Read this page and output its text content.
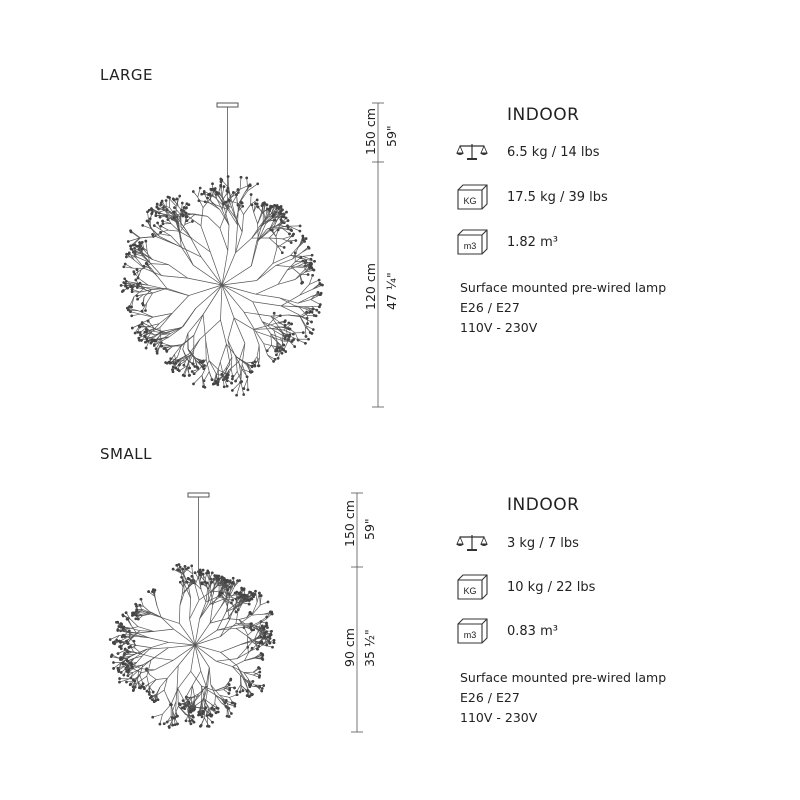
LARGE
150 cm 59"
120 cm 47 ¼"
INDOOR
6.5 kg / 14 lbs
KG 17.5 kg / 39 lbs
m3 1.82 m³
Surface mounted pre-wired lamp
E26 / E27
110V - 230V
SMALL
150 cm 59"
90 cm 35 ½"
INDOOR
3 kg / 7 lbs
KG 10 kg / 22 lbs
m3 0.83 m³
Surface mounted pre-wired lamp
E26 / E27
110V - 230V
